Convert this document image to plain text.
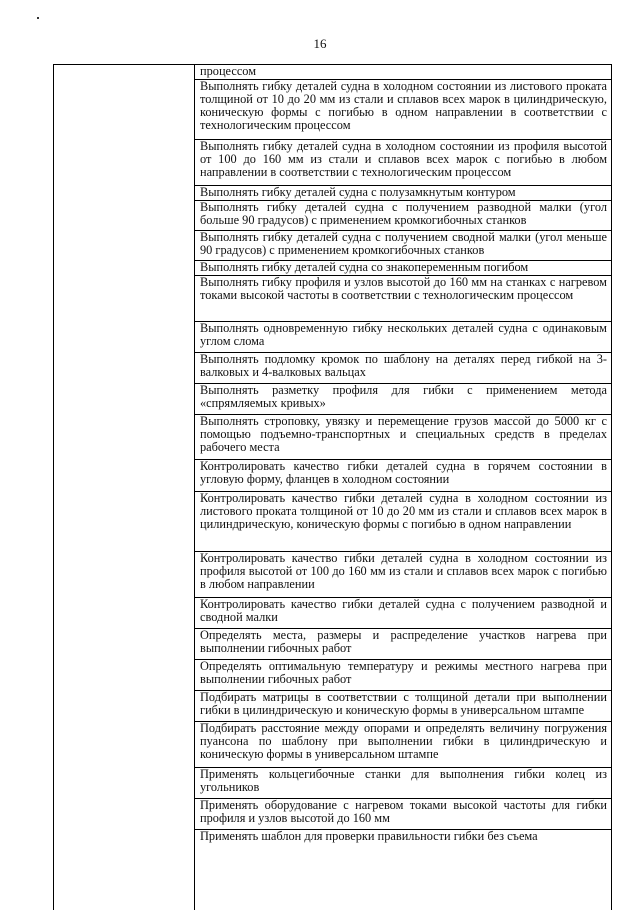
16
процессом
Выполнять гибку деталей судна в холодном состоянии из листового проката толщиной от 10 до 20 мм из стали и сплавов всех марок в цилиндрическую, коническую формы с погибью в одном направлении в соответствии с технологическим процессом
Выполнять гибку деталей судна в холодном состоянии из профиля высотой от 100 до 160 мм из стали и сплавов всех марок с погибью в любом направлении в соответствии с технологическим процессом
Выполнять гибку деталей судна с полузамкнутым контуром
Выполнять гибку деталей судна с получением разводной малки (угол больше 90 градусов) с применением кромкогибочных станков
Выполнять гибку деталей судна с получением сводной малки (угол меньше 90 градусов) с применением кромкогибочных станков
Выполнять гибку деталей судна со знакопеременным погибом
Выполнять гибку профиля и узлов высотой до 160 мм на станках с нагревом токами высокой частоты в соответствии с технологическим процессом
Выполнять одновременную гибку нескольких деталей судна с одинаковым углом слома
Выполнять подломку кромок по шаблону на деталях перед гибкой на 3-валковых и 4-валковых вальцах
Выполнять разметку профиля для гибки с применением метода «спрямляемых кривых»
Выполнять строповку, увязку и перемещение грузов массой до 5000 кг с помощью подъемно-транспортных и специальных средств в пределах рабочего места
Контролировать качество гибки деталей судна в горячем состоянии в угловую форму, фланцев в холодном состоянии
Контролировать качество гибки деталей судна в холодном состоянии из листового проката толщиной от 10 до 20 мм из стали и сплавов всех марок в цилиндрическую, коническую формы с погибью в одном направлении
Контролировать качество гибки деталей судна в холодном состоянии из профиля высотой от 100 до 160 мм из стали и сплавов всех марок с погибью в любом направлении
Контролировать качество гибки деталей судна с получением разводной и сводной малки
Определять места, размеры и распределение участков нагрева при выполнении гибочных работ
Определять оптимальную температуру и режимы местного нагрева при выполнении гибочных работ
Подбирать матрицы в соответствии с толщиной детали при выполнении гибки в цилиндрическую и коническую формы в универсальном штампе
Подбирать расстояние между опорами и определять величину погружения пуансона по шаблону при выполнении гибки в цилиндрическую и коническую формы в универсальном штампе
Применять кольцегибочные станки для выполнения гибки колец из угольников
Применять оборудование с нагревом токами высокой частоты для гибки профиля и узлов высотой до 160 мм
Применять шаблон для проверки правильности гибки без съема
